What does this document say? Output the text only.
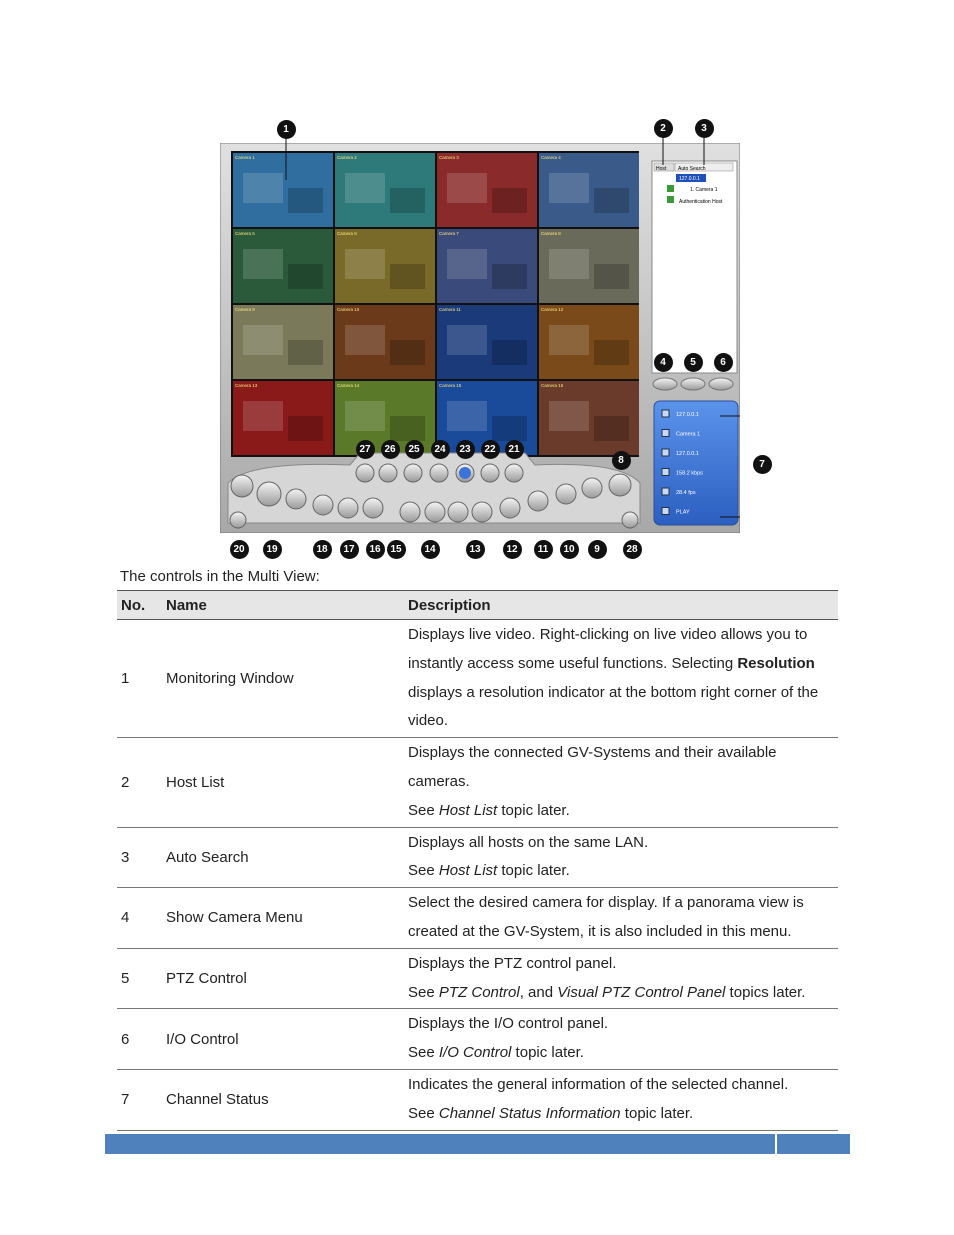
Camera 1	Camera 2	Camera 3	Camera 4
Camera 5	Camera 6	Camera 7	Camera 8
Camera 9	Camera 10	Camera 11	Camera 12
Camera 13	Camera 14	Camera 15	Camera 16
Host Auto Search
127.0.0.1
1. Camera 1
Authentication Host
127.0.0.1
Camera 1
127.0.0.1
158.2 kbps
28.4 fps
PLAY
1	2	3
4	5	6
7
8
9
10
11
12
13
14
15
16
17
18
19
20
21
22
23
24
25
26
27
28
The controls in the Multi View:
No.	Name	Description
1	Monitoring Window	Displays live video. Right-clicking on live video allows you to instantly access some useful functions. Selecting Resolution displays a resolution indicator at the bottom right corner of the video.
2	Host List	Displays the connected GV-Systems and their available cameras.
See Host List topic later.
3	Auto Search	Displays all hosts on the same LAN.
See Host List topic later.
4	Show Camera Menu	Select the desired camera for display. If a panorama view is created at the GV-System, it is also included in this menu.
5	PTZ Control	Displays the PTZ control panel.
See PTZ Control, and Visual PTZ Control Panel topics later.
6	I/O Control	Displays the I/O control panel.
See I/O Control topic later.
7	Channel Status	Indicates the general information of the selected channel.
See Channel Status Information topic later.
